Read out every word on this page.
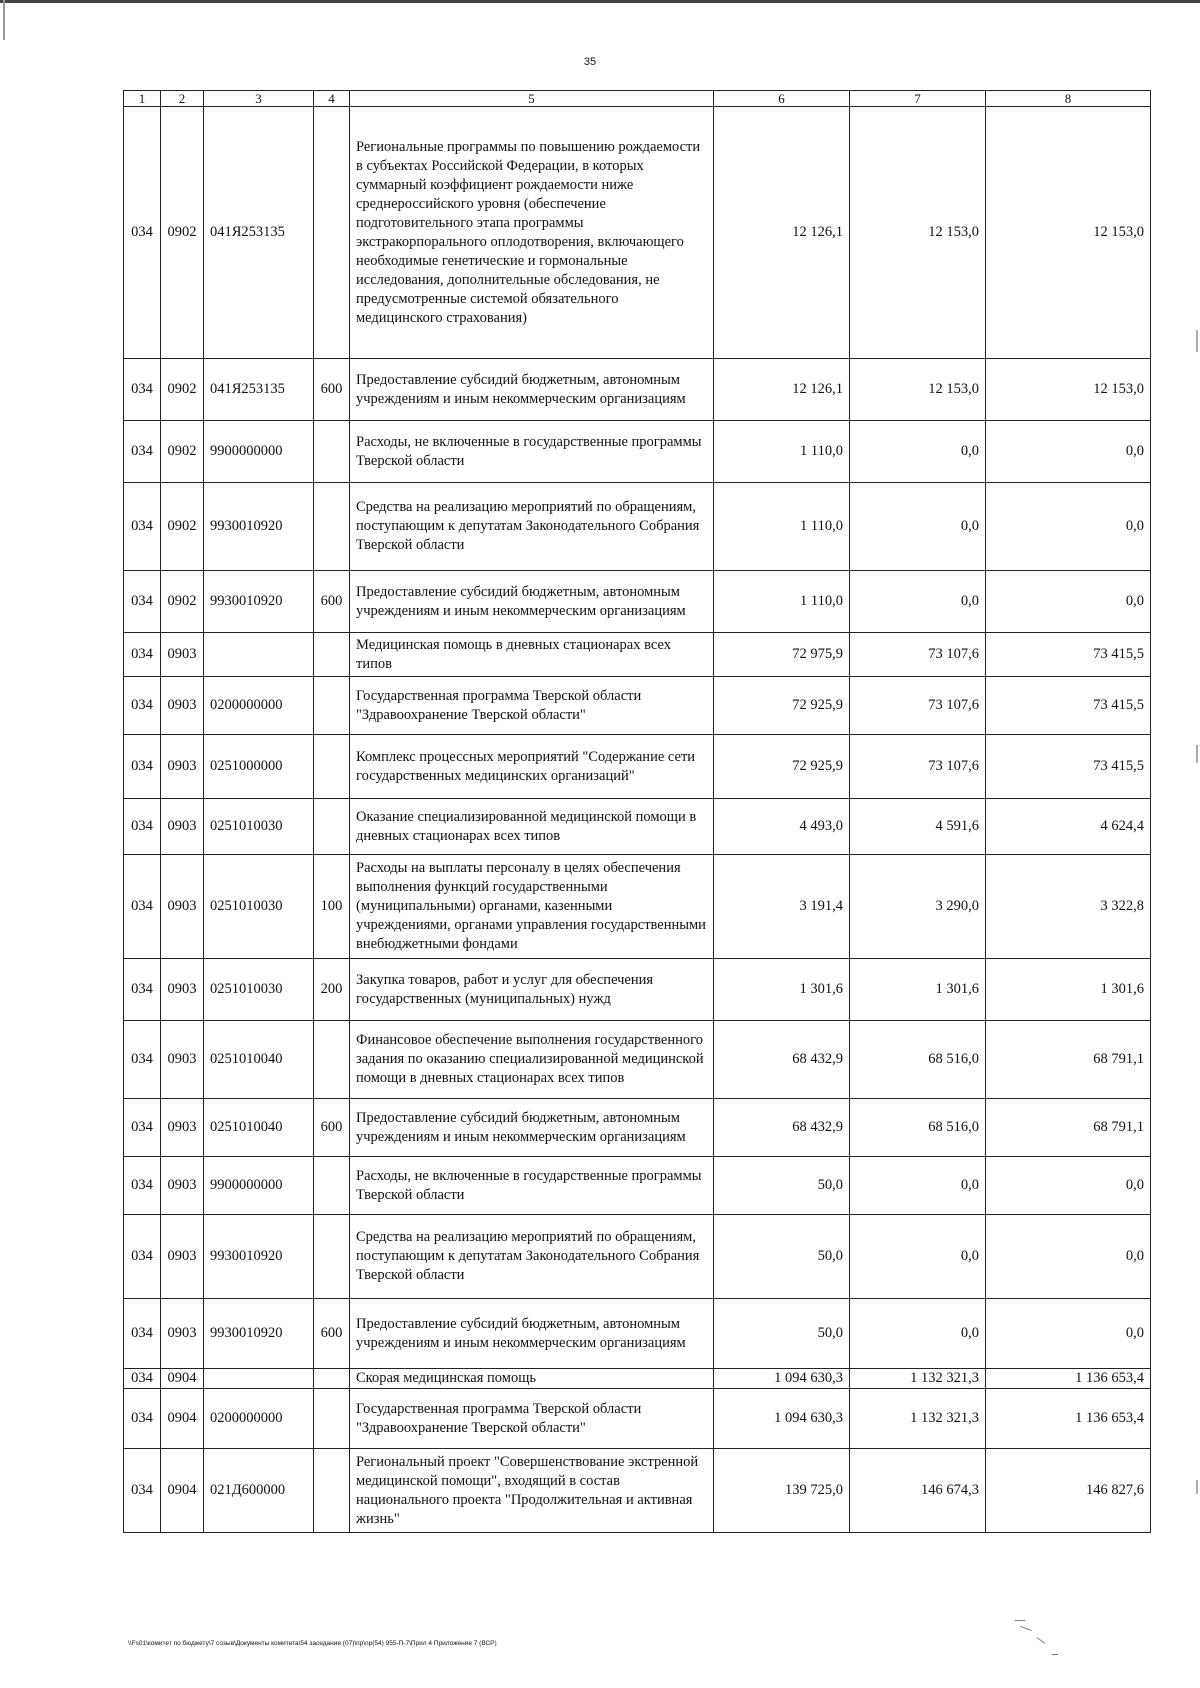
35
1	2	3	4	5	6	7	8
034	0902	041Я253135		Региональные программы по повышению рождаемости в субъектах Российской Федерации, в которых суммарный коэффициент рождаемости ниже среднероссийского уровня (обеспечение подготовительного этапа программы экстракорпорального оплодотворения, включающего необходимые генетические и гормональные исследования, дополнительные обследования, не предусмотренные системой обязательного медицинского страхования)	12 126,1	12 153,0	12 153,0
034	0902	041Я253135	600	Предоставление субсидий бюджетным, автономным учреждениям и иным некоммерческим организациям	12 126,1	12 153,0	12 153,0
034	0902	9900000000		Расходы, не включенные в государственные программы Тверской области	1 110,0	0,0	0,0
034	0902	9930010920		Средства на реализацию мероприятий по обращениям, поступающим к депутатам Законодательного Собрания Тверской области	1 110,0	0,0	0,0
034	0902	9930010920	600	Предоставление субсидий бюджетным, автономным учреждениям и иным некоммерческим организациям	1 110,0	0,0	0,0
034	0903			Медицинская помощь в дневных стационарах всех типов	72 975,9	73 107,6	73 415,5
034	0903	0200000000		Государственная программа Тверской области "Здравоохранение Тверской области"	72 925,9	73 107,6	73 415,5
034	0903	0251000000		Комплекс процессных мероприятий "Содержание сети государственных медицинских организаций"	72 925,9	73 107,6	73 415,5
034	0903	0251010030		Оказание специализированной медицинской помощи в дневных стационарах всех типов	4 493,0	4 591,6	4 624,4
034	0903	0251010030	100	Расходы на выплаты персоналу в целях обеспечения выполнения функций государственными (муниципальными) органами, казенными учреждениями, органами управления государственными внебюджетными фондами	3 191,4	3 290,0	3 322,8
034	0903	0251010030	200	Закупка товаров, работ и услуг для обеспечения государственных (муниципальных) нужд	1 301,6	1 301,6	1 301,6
034	0903	0251010040		Финансовое обеспечение выполнения государственного задания по оказанию специализированной медицинской помощи в дневных стационарах всех типов	68 432,9	68 516,0	68 791,1
034	0903	0251010040	600	Предоставление субсидий бюджетным, автономным учреждениям и иным некоммерческим организациям	68 432,9	68 516,0	68 791,1
034	0903	9900000000		Расходы, не включенные в государственные программы Тверской области	50,0	0,0	0,0
034	0903	9930010920		Средства на реализацию мероприятий по обращениям, поступающим к депутатам Законодательного Собрания Тверской области	50,0	0,0	0,0
034	0903	9930010920	600	Предоставление субсидий бюджетным, автономным учреждениям и иным некоммерческим организациям	50,0	0,0	0,0
034	0904			Скорая медицинская помощь	1 094 630,3	1 132 321,3	1 136 653,4
034	0904	0200000000		Государственная программа Тверской области "Здравоохранение Тверской области"	1 094 630,3	1 132 321,3	1 136 653,4
034	0904	021Д600000		Региональный проект "Совершенствование экстренной медицинской помощи", входящий в состав национального проекта "Продолжительная и активная жизнь"	139 725,0	146 674,3	146 827,6
\\Fs01\комитет по бюджету\7 созыв\Документы комитета\54 заседание (07)\пр\пр(54) 955-П-7\Прил 4 Приложение 7 (ВСР)
